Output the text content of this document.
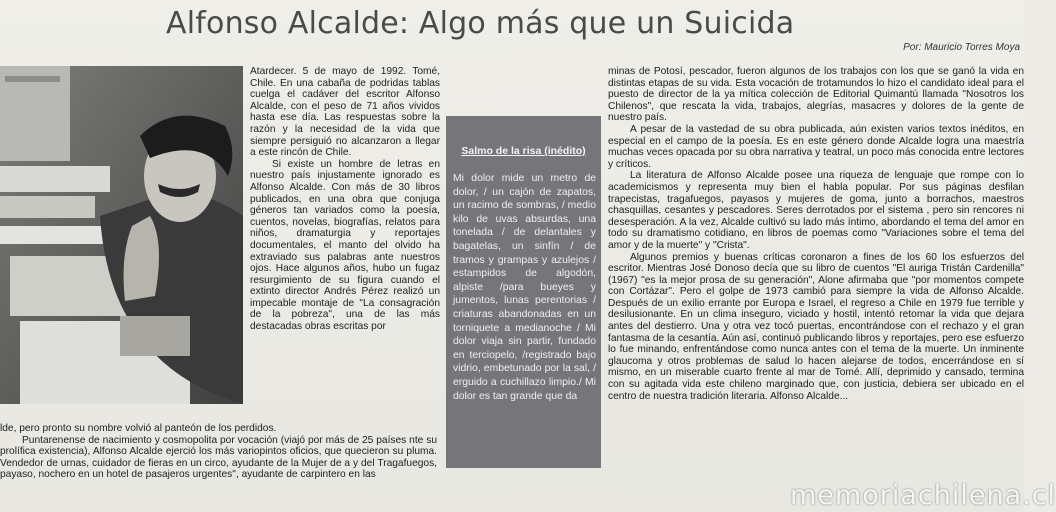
Alfonso Alcalde: Algo más que un Suicida
Por: Mauricio Torres Moya

Atardecer. 5 de mayo de 1992. Tomé, Chile. En una cabaña de podridas tablas cuelga el cadáver del escritor Alfonso Alcalde, con el peso de 71 años vividos hasta ese día. Las respuestas sobre la razón y la necesidad de la vida que siempre persiguió no alcanzaron a llegar a este rincón de Chile.

Si existe un hombre de letras en nuestro país injustamente ignorado es Alfonso Alcalde. Con más de 30 libros publicados, en una obra que conjuga géneros tan variados como la poesía, cuentos, novelas, biografías, relatos para niños, dramaturgia y reportajes documentales, el manto del olvido ha extraviado sus palabras ante nuestros ojos. Hace algunos años, hubo un fugaz resurgimiento de su figura cuando el extinto director Andrés Pérez realizó un impecable montaje de "La consagración de la pobreza", una de las más destacadas obras escritas por

lde, pero pronto su nombre volvió al panteón de los perdidos.

Puntarenense de nacimiento y cosmopolita por vocación (viajó por más de 25 países nte su prolífica existencia), Alfonso Alcalde ejerció los más variopintos oficios, que quecieron su pluma. Vendedor de urnas, cuidador de fieras en un circo, ayudante de la Mujer de a y del Tragafuegos, payaso, nochero en un hotel de pasajeros urgentes", ayudante de carpintero en las

Salmo de la risa (inédito)
Mi dolor mide un metro de dolor, / un cajón de zapatos, un racimo de sombras, / medio kilo de uvas absurdas, una tonelada / de delantales y bagatelas, un sinfín / de tramos y grampas y azulejos / estampidos de algodón, alpiste /para bueyes y jumentos, lunas perentorias / criaturas abandonadas en un torniquete a medianoche / Mi dolor viaja sin partir, fundado en terciopelo, /registrado bajo vidrio, embetunado por la sal, / erguido a cuchillazo limpio./ Mi dolor es tan grande que da

minas de Potosí, pescador, fueron algunos de los trabajos con los que se ganó la vida en distintas etapas de su vida. Esta vocación de trotamundos lo hizo el candidato ideal para el puesto de director de la ya mítica colección de Editorial Quimantú llamada "Nosotros los Chilenos", que rescata la vida, trabajos, alegrías, masacres y dolores de la gente de nuestro país.

A pesar de la vastedad de su obra publicada, aún existen varios textos inéditos, en especial en el campo de la poesía. Es en este género donde Alcalde logra una maestría muchas veces opacada por su obra narrativa y teatral, un poco más conocida entre lectores y críticos.

La literatura de Alfonso Alcalde posee una riqueza de lenguaje que rompe con lo academicismos y representa muy bien el habla popular. Por sus páginas desfilan trapecistas, tragafuegos, payasos y mujeres de goma, junto a borrachos, maestros chasquillas, cesantes y pescadores. Seres derrotados por el sistema , pero sin rencores ni desesperación. A la vez, Alcalde cultivó su lado más íntimo, abordando el tema del amor en todo su dramatismo cotidiano, en libros de poemas como "Variaciones sobre el tema del amor y de la muerte" y "Crista".

Algunos premios y buenas críticas coronaron a fines de los 60 los esfuerzos del escritor. Mientras José Donoso decía que su libro de cuentos "El auriga Tristán Cardenilla" (1967) "es la mejor prosa de su generación", Alone afirmaba que "por momentos compete con Cortázar". Pero el golpe de 1973 cambió para siempre la vida de Alfonso Alcalde. Después de un exilio errante por Europa e Israel, el regreso a Chile en 1979 fue terrible y desilusionante. En un clima inseguro, viciado y hostil, intentó retomar la vida que dejara antes del destierro. Una y otra vez tocó puertas, encontrándose con el rechazo y el gran fantasma de la cesantía. Aún así, continuó publicando libros y reportajes, pero ese esfuerzo lo fue minando, enfrentándose como nunca antes con el tema de la muerte. Un inminente glaucoma y otros problemas de salud lo hacen alejarse de todos, encerrándose en sí mismo, en un miserable cuarto frente al mar de Tomé. Allí, deprimido y cansado, termina con su agitada vida este chileno marginado que, con justicia, debiera ser ubicado en el centro de nuestra tradición literaria. Alfonso Alcalde...

memoriachilena.cl
